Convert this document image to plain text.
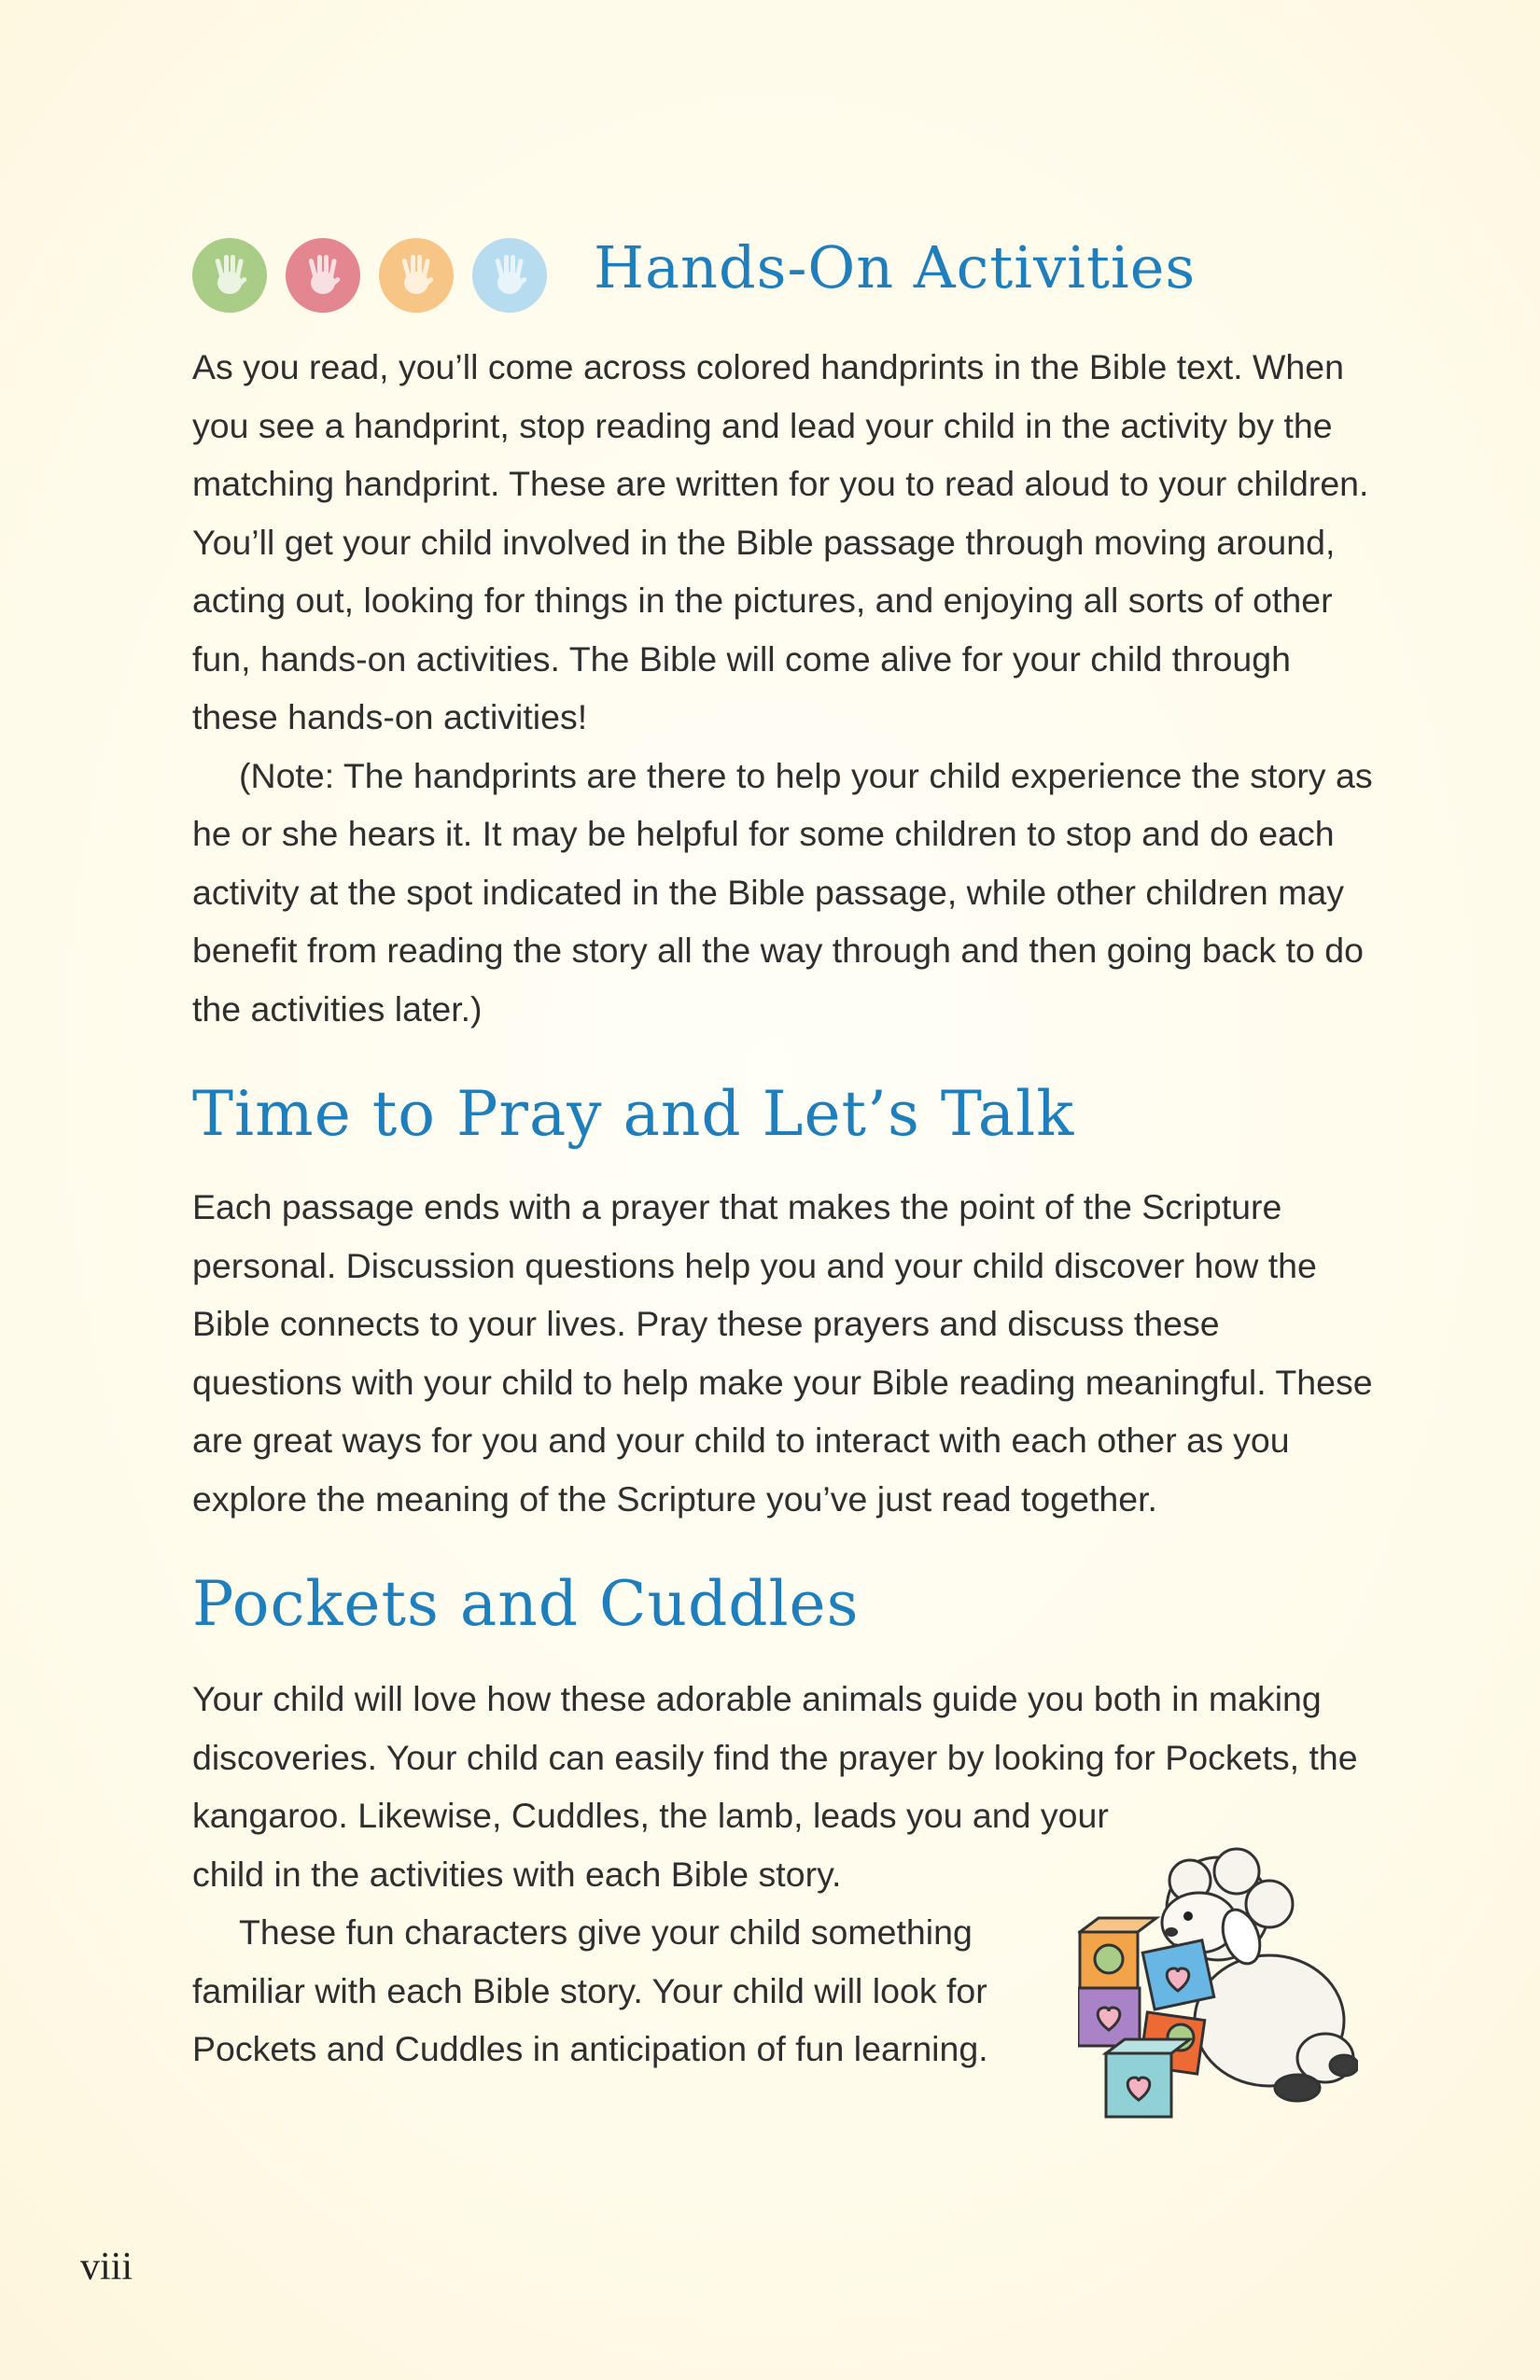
Hands-On Activities

As you read, you’ll come across colored handprints in the Bible text. When you see a handprint, stop reading and lead your child in the activity by the matching handprint. These are written for you to read aloud to your children. You’ll get your child involved in the Bible passage through moving around, acting out, looking for things in the pictures, and enjoying all sorts of other fun, hands-on activities. The Bible will come alive for your child through these hands-on activities!

(Note: The handprints are there to help your child experience the story as he or she hears it. It may be helpful for some children to stop and do each activity at the spot indicated in the Bible passage, while other children may benefit from reading the story all the way through and then going back to do the activities later.)

Time to Pray and Let’s Talk

Each passage ends with a prayer that makes the point of the Scripture personal. Discussion questions help you and your child discover how the Bible connects to your lives. Pray these prayers and discuss these questions with your child to help make your Bible reading meaningful. These are great ways for you and your child to interact with each other as you explore the meaning of the Scripture you’ve just read together.

Pockets and Cuddles

Your child will love how these adorable animals guide you both in making
discoveries. Your child can easily find the prayer by looking for Pockets, the
kangaroo. Likewise, Cuddles, the lamb, leads you and your
child in the activities with each Bible story.

These fun characters give your child something
familiar with each Bible story. Your child will look for
Pockets and Cuddles in anticipation of fun learning.

viii
